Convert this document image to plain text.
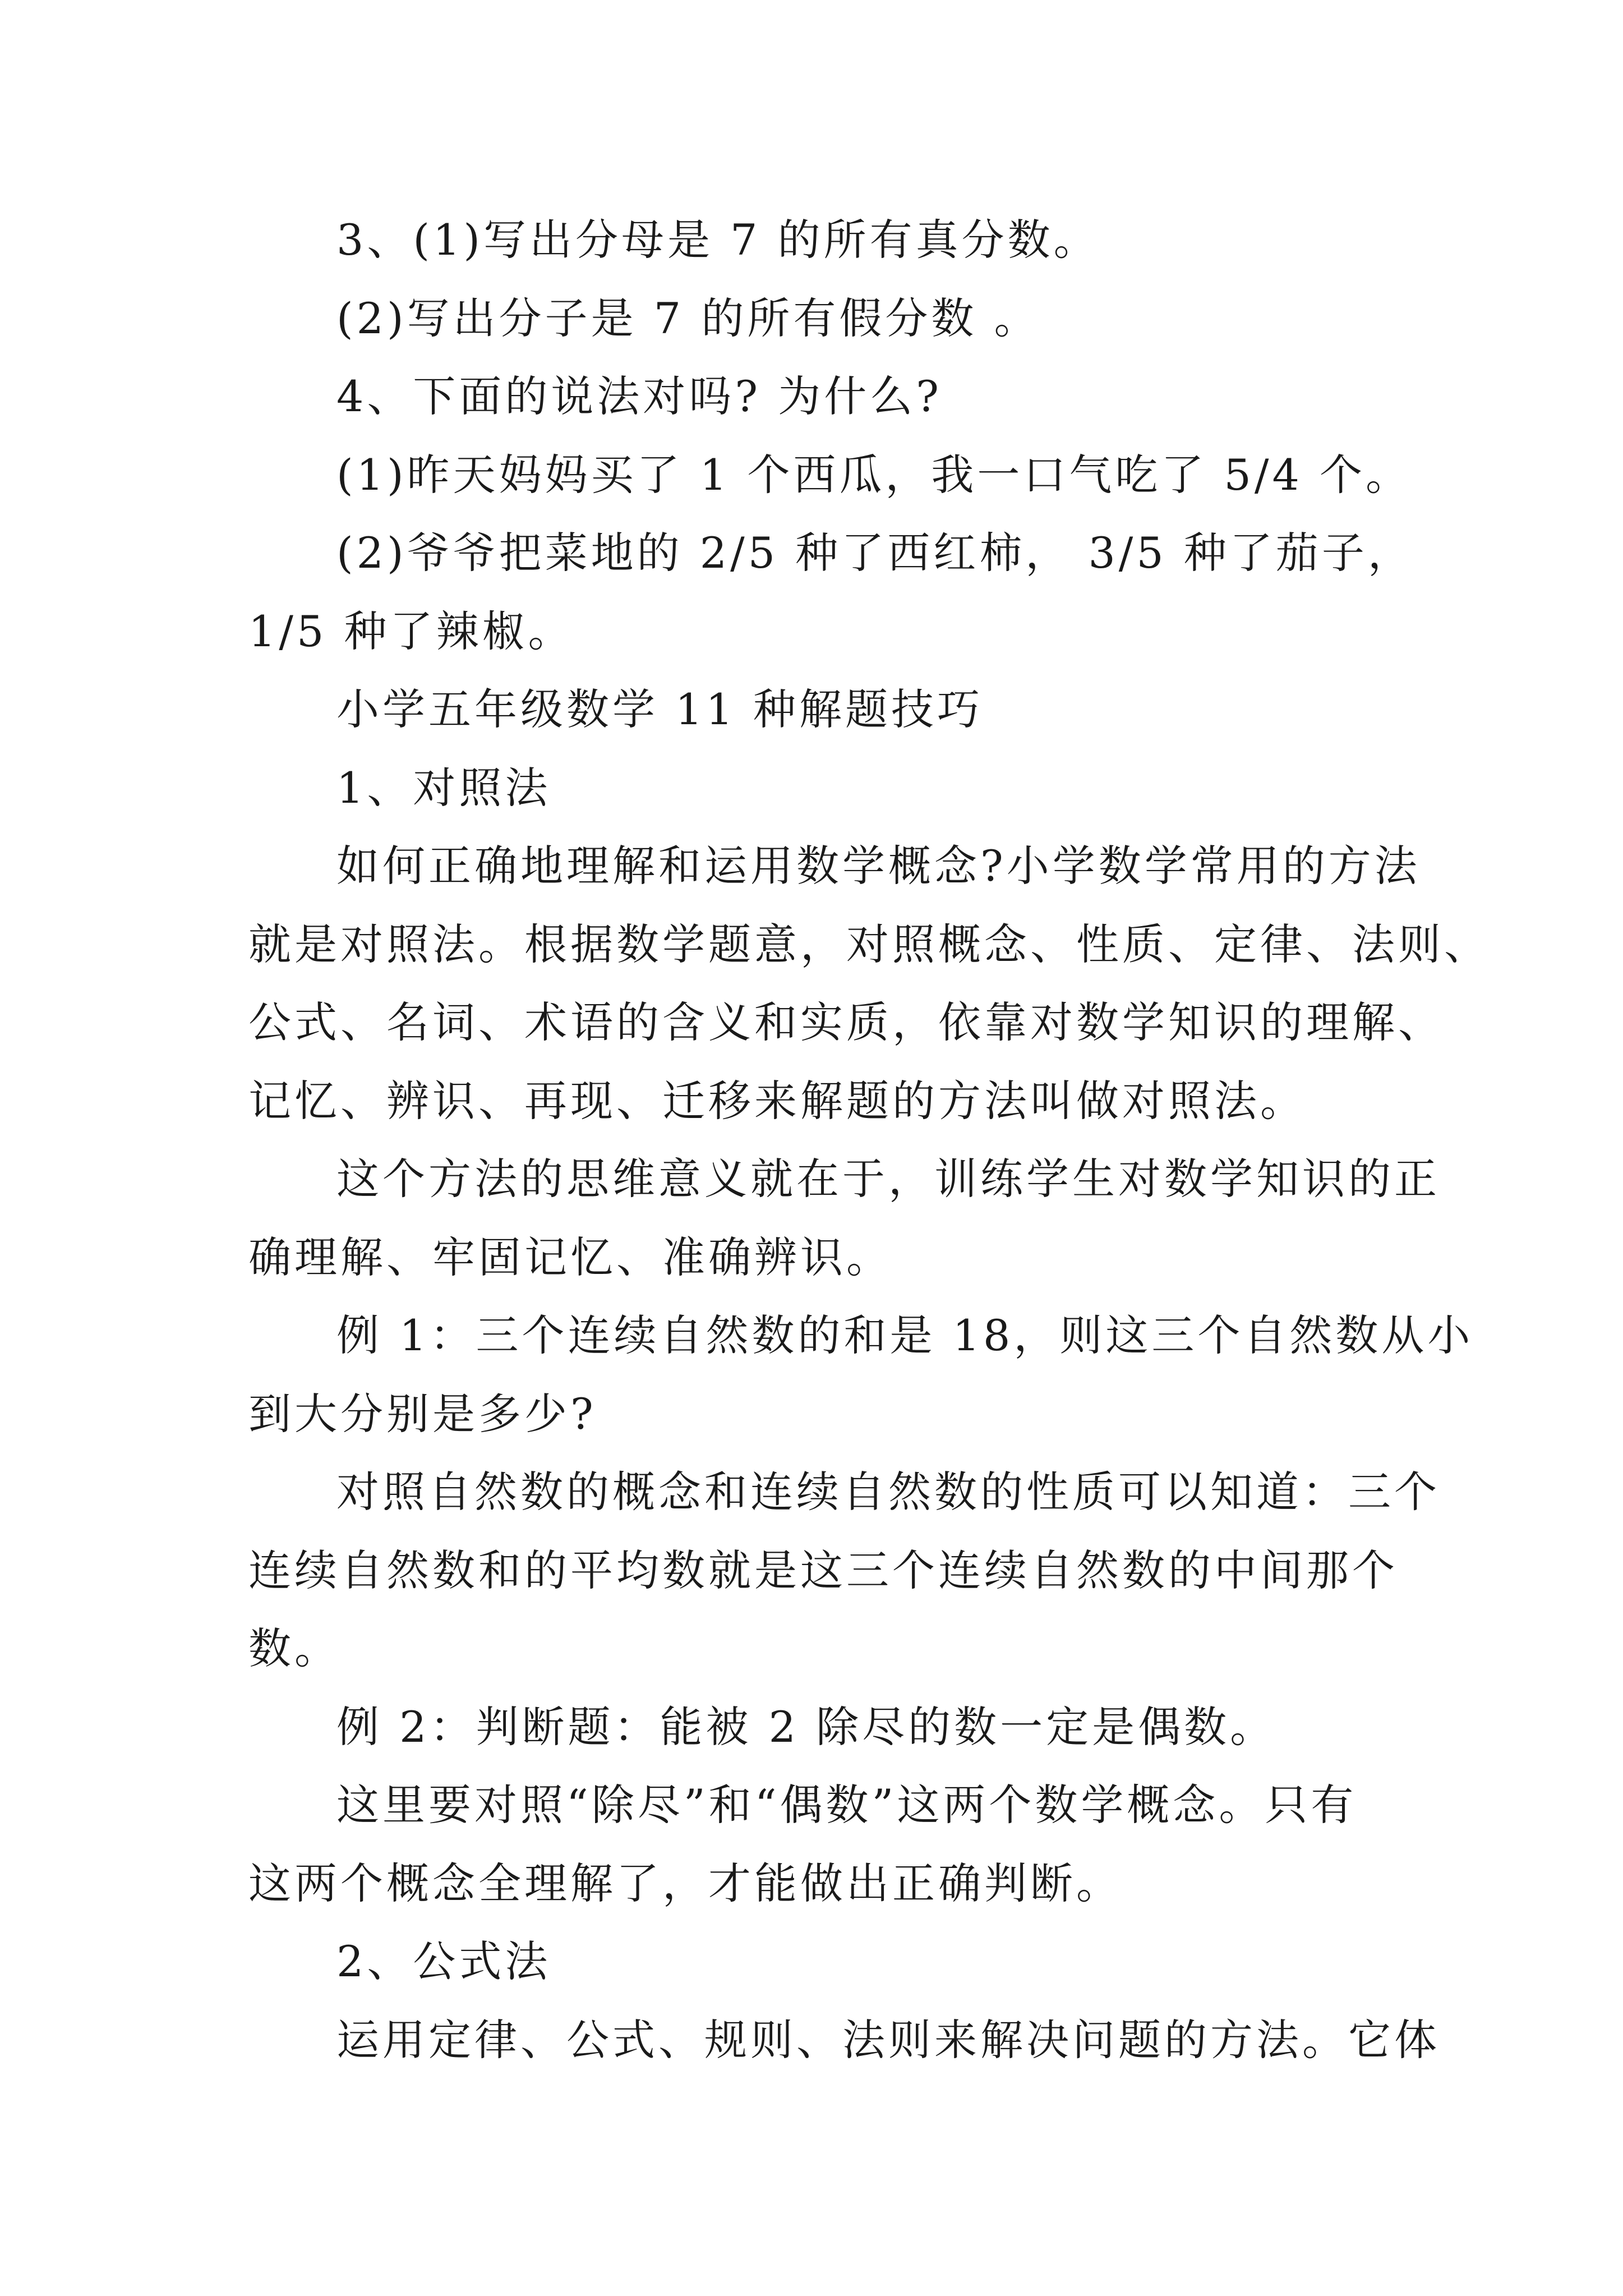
3、(1)写出分母是 7 的所有真分数。
(2)写出分子是 7 的所有假分数 。
4、下面的说法对吗? 为什么?
(1)昨天妈妈买了 1 个西瓜，我一口气吃了 5/4 个。
(2)爷爷把菜地的 2/5 种了西红柿， 3/5 种了茄子，
1/5 种了辣椒。
小学五年级数学 11 种解题技巧
1、对照法
如何正确地理解和运用数学概念?小学数学常用的方法
就是对照法。根据数学题意，对照概念、性质、定律、法则、
公式、名词、术语的含义和实质，依靠对数学知识的理解、
记忆、辨识、再现、迁移来解题的方法叫做对照法。
这个方法的思维意义就在于，训练学生对数学知识的正
确理解、牢固记忆、准确辨识。
例 1：三个连续自然数的和是 18，则这三个自然数从小
到大分别是多少?
对照自然数的概念和连续自然数的性质可以知道：三个
连续自然数和的平均数就是这三个连续自然数的中间那个
数。
例 2：判断题：能被 2 除尽的数一定是偶数。
这里要对照“除尽”和“偶数”这两个数学概念。只有
这两个概念全理解了，才能做出正确判断。
2、公式法
运用定律、公式、规则、法则来解决问题的方法。它体
